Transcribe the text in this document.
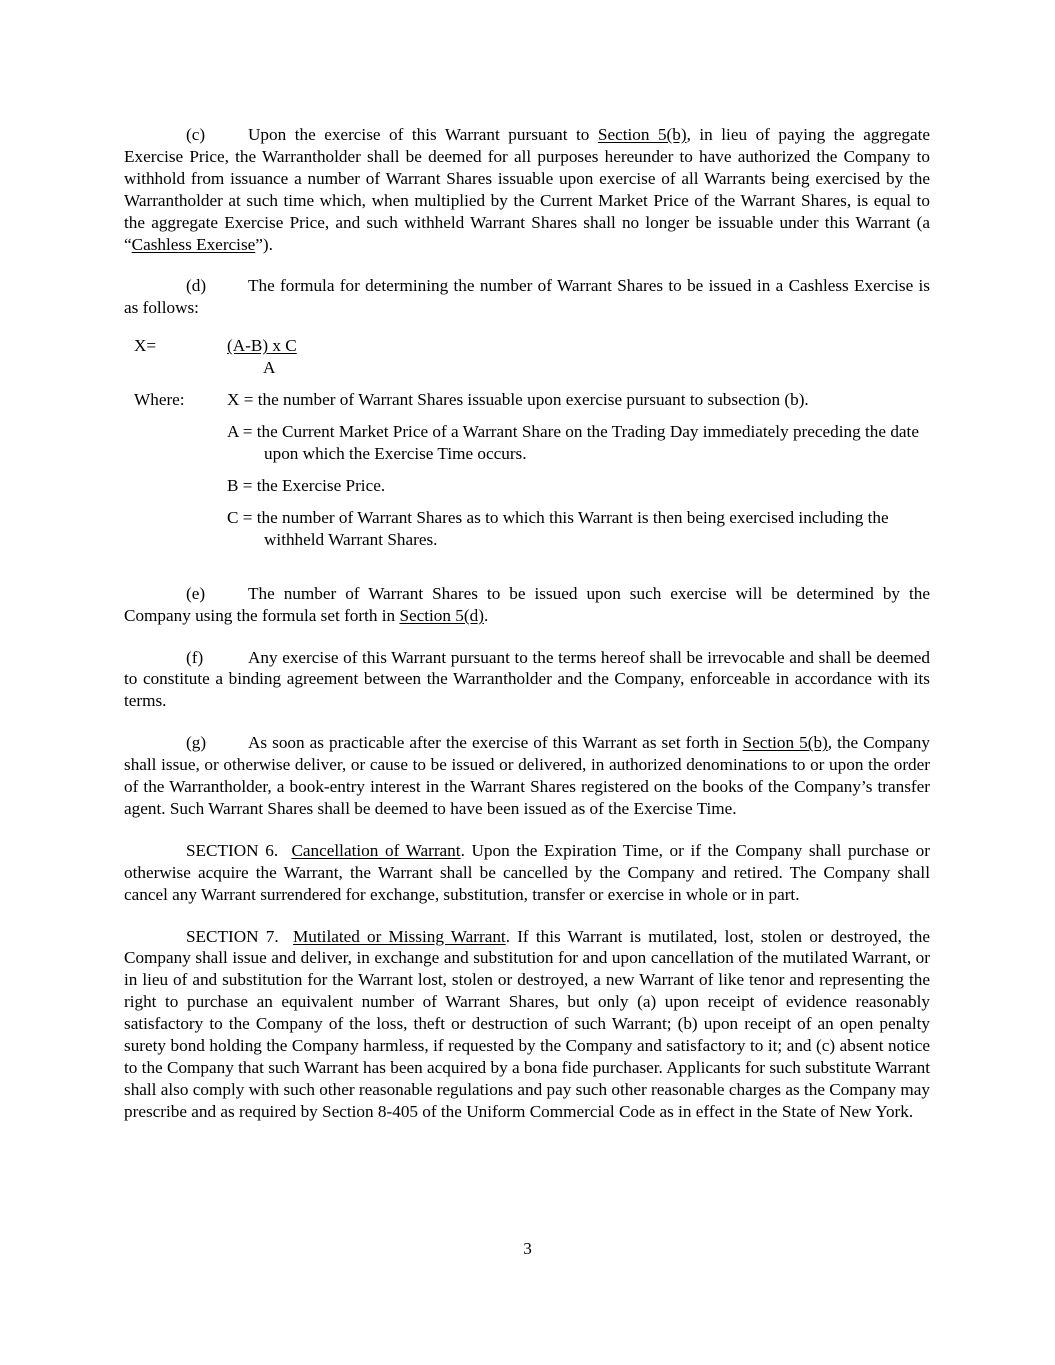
(c) Upon the exercise of this Warrant pursuant to Section 5(b), in lieu of paying the aggregate Exercise Price, the Warrantholder shall be deemed for all purposes hereunder to have authorized the Company to withhold from issuance a number of Warrant Shares issuable upon exercise of all Warrants being exercised by the Warrantholder at such time which, when multiplied by the Current Market Price of the Warrant Shares, is equal to the aggregate Exercise Price, and such withheld Warrant Shares shall no longer be issuable under this Warrant (a “Cashless Exercise”).

(d) The formula for determining the number of Warrant Shares to be issued in a Cashless Exercise is as follows:

X=	(A-B) x C
A
Where: X = the number of Warrant Shares issuable upon exercise pursuant to subsection (b).

A = the Current Market Price of a Warrant Share on the Trading Day immediately preceding the date upon which the Exercise Time occurs.

B = the Exercise Price.

C = the number of Warrant Shares as to which this Warrant is then being exercised including the withheld Warrant Shares.

(e) The number of Warrant Shares to be issued upon such exercise will be determined by the Company using the formula set forth in Section 5(d).

(f)	Any exercise of this Warrant pursuant to the terms hereof shall be irrevocable and shall be deemed to constitute a binding agreement between the Warrantholder and the Company, enforceable in accordance with its terms.

(g) As soon as practicable after the exercise of this Warrant as set forth in Section 5(b), the Company shall issue, or otherwise deliver, or cause to be issued or delivered, in authorized denominations to or upon the order of the Warrantholder, a book-entry interest in the Warrant Shares registered on the books of the Company’s transfer agent. Such Warrant Shares shall be deemed to have been issued as of the Exercise Time.

SECTION 6. Cancellation of Warrant. Upon the Expiration Time, or if the Company shall purchase or otherwise acquire the Warrant, the Warrant shall be cancelled by the Company and retired. The Company shall cancel any Warrant surrendered for exchange, substitution, transfer or exercise in whole or in part.

SECTION 7. Mutilated or Missing Warrant. If this Warrant is mutilated, lost, stolen or destroyed, the Company shall issue and deliver, in exchange and substitution for and upon cancellation of the mutilated Warrant, or in lieu of and substitution for the Warrant lost, stolen or destroyed, a new Warrant of like tenor and representing the right to purchase an equivalent number of Warrant Shares, but only (a) upon receipt of evidence reasonably satisfactory to the Company of the loss, theft or destruction of such Warrant; (b) upon receipt of an open penalty surety bond holding the Company harmless, if requested by the Company and satisfactory to it; and (c) absent notice to the Company that such Warrant has been acquired by a bona fide purchaser. Applicants for such substitute Warrant shall also comply with such other reasonable regulations and pay such other reasonable charges as the Company may prescribe and as required by Section 8-405 of the Uniform Commercial Code as in effect in the State of New York.

3
